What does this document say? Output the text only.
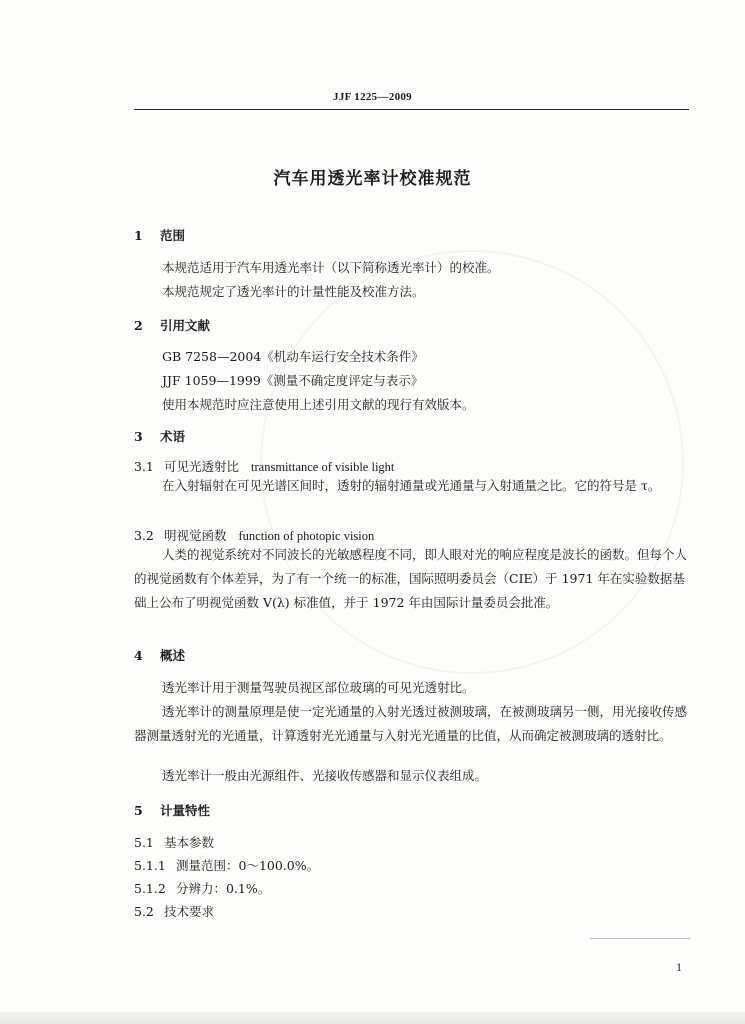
JJF 1225—2009
汽车用透光率计校准规范
1 范围
本规范适用于汽车用透光率计（以下简称透光率计）的校准。
本规范规定了透光率计的计量性能及校准方法。
2 引用文献
GB 7258—2004《机动车运行安全技术条件》
JJF 1059—1999《测量不确定度评定与表示》
使用本规范时应注意使用上述引用文献的现行有效版本。
3 术语
3.1 可见光透射比 transmittance of visible light
在入射辐射在可见光谱区间时，透射的辐射通量或光通量与入射通量之比。它的符号是 τ。
3.2 明视觉函数 function of photopic vision
人类的视觉系统对不同波长的光敏感程度不同，即人眼对光的响应程度是波长的函数。但每个人的视觉函数有个体差异，为了有一个统一的标准，国际照明委员会（CIE）于 1971 年在实验数据基础上公布了明视觉函数 V(λ) 标准值，并于 1972 年由国际计量委员会批准。
4 概述
透光率计用于测量驾驶员视区部位玻璃的可见光透射比。
透光率计的测量原理是使一定光通量的入射光透过被测玻璃，在被测玻璃另一侧，用光接收传感器测量透射光的光通量，计算透射光光通量与入射光光通量的比值，从而确定被测玻璃的透射比。
透光率计一般由光源组件、光接收传感器和显示仪表组成。
5 计量特性
5.1 基本参数
5.1.1 测量范围：0～100.0%。
5.1.2 分辨力：0.1%。
5.2 技术要求
1
